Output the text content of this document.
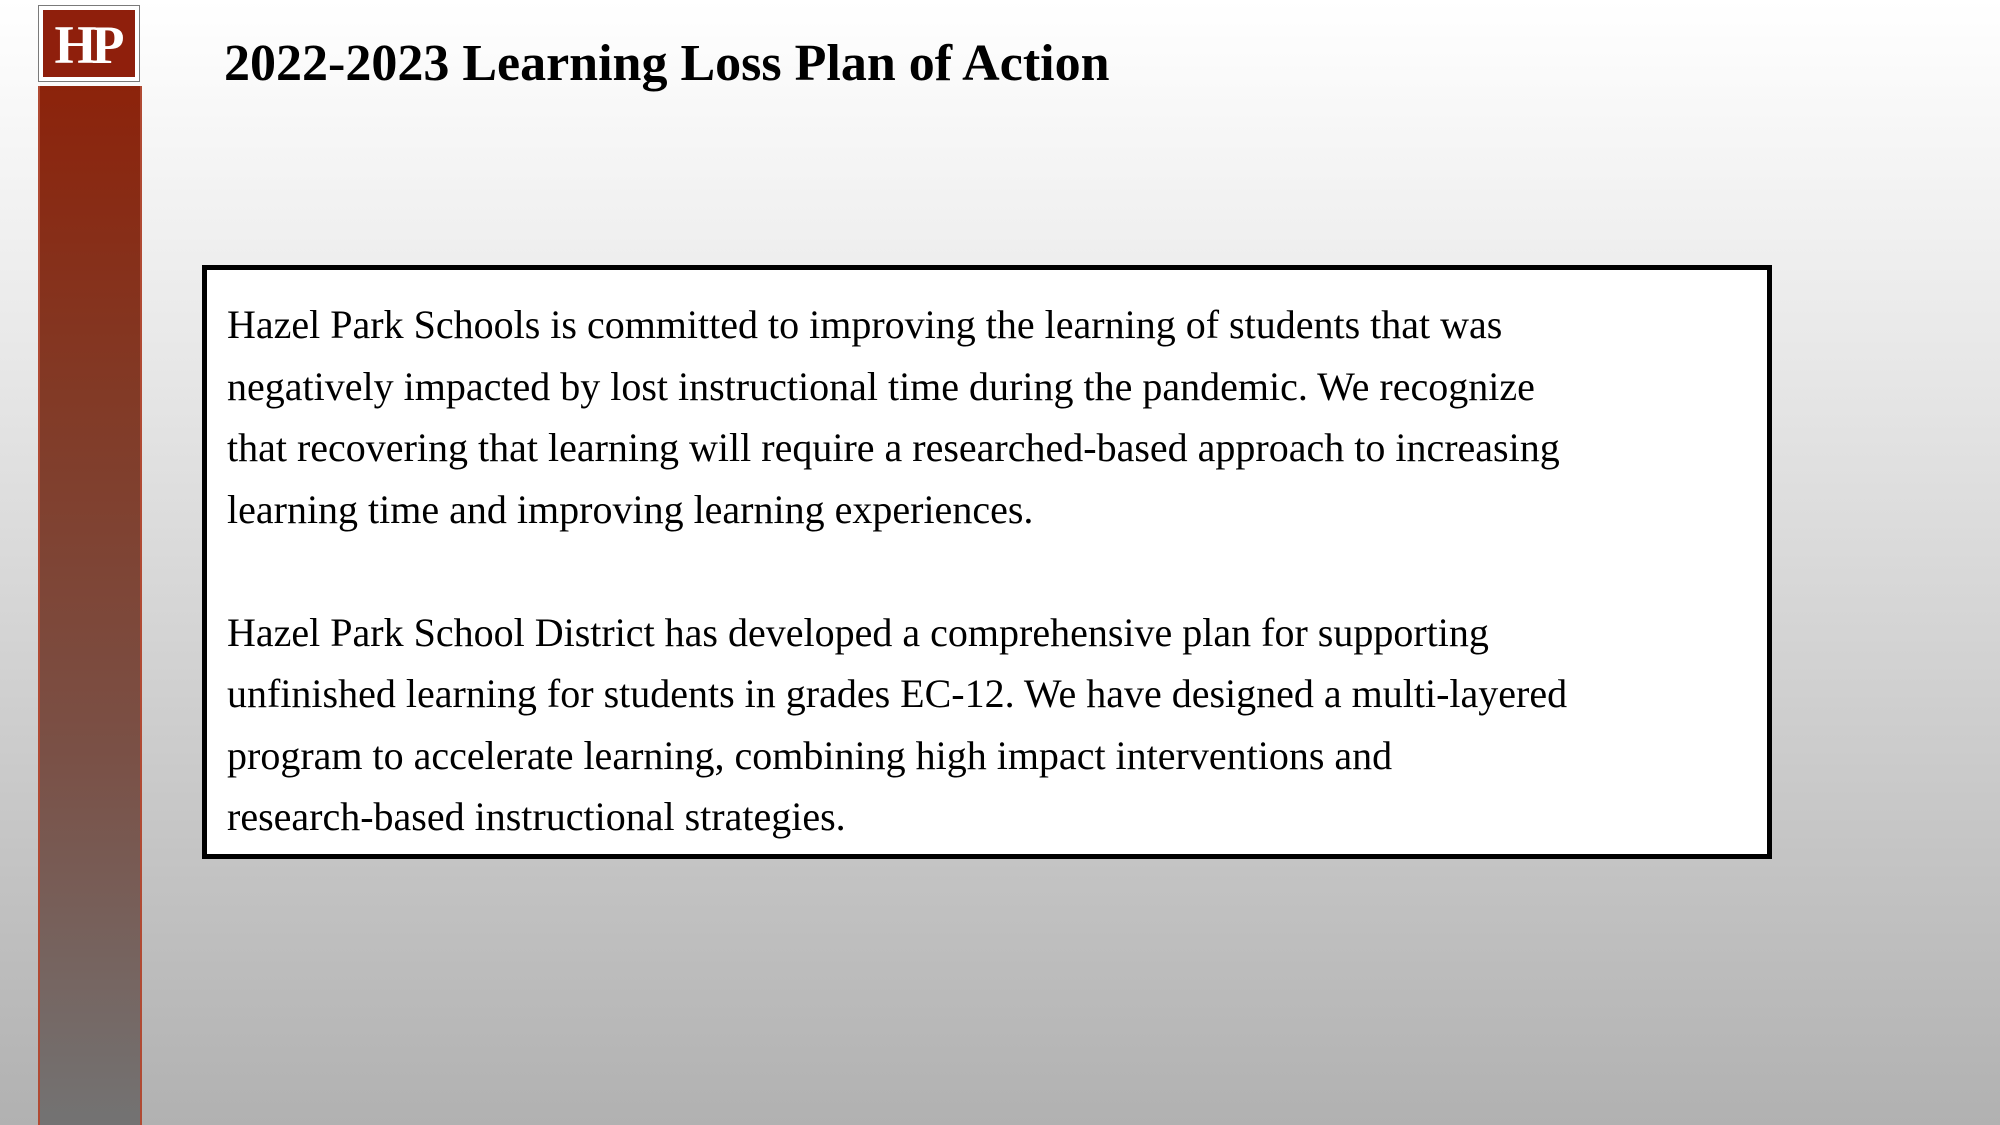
HP 2022-2023 Learning Loss Plan of Action

Hazel Park Schools is committed to improving the learning of students that was
negatively impacted by lost instructional time during the pandemic. We recognize
that recovering that learning will require a researched-based approach to increasing
learning time and improving learning experiences.

Hazel Park School District has developed a comprehensive plan for supporting
unfinished learning for students in grades EC-12. We have designed a multi-layered
program to accelerate learning, combining high impact interventions and
research-based instructional strategies.
